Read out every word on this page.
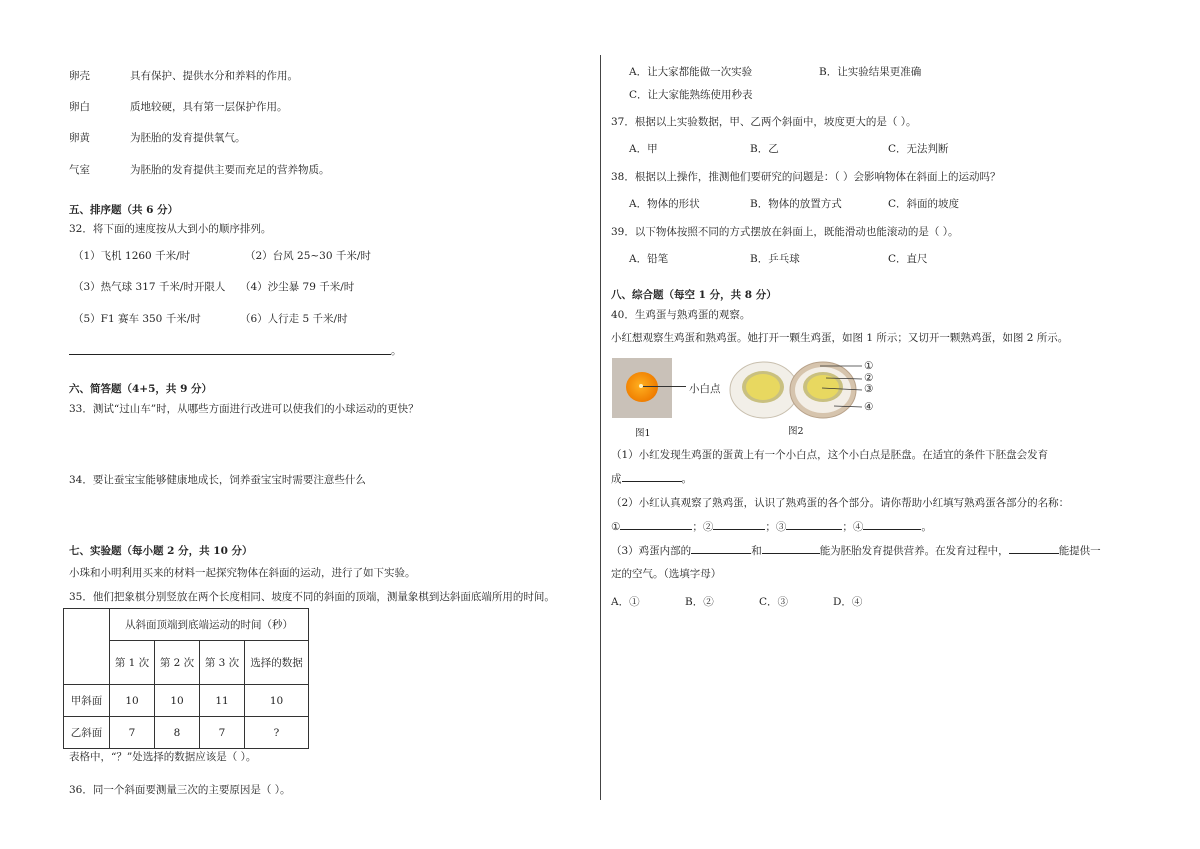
卵壳	具有保护、提供水分和养料的作用。
卵白	质地较硬，具有第一层保护作用。
卵黄	为胚胎的发育提供氧气。
气室	为胚胎的发育提供主要而充足的营养物质。
五、排序题（共 6 分）
32．将下面的速度按从大到小的顺序排列。
（1）飞机 1260 千米/时	（2）台风 25~30 千米/时
（3）热气球 317 千米/时开限人 （4）沙尘暴 79 千米/时
（5）F1 赛车 350 千米/时	（6）人行走 5 千米/时
。
六、简答题（4+5，共 9 分）
33．测试“过山车”时，从哪些方面进行改进可以使我们的小球运动的更快？
34．要让蚕宝宝能够健康地成长，饲养蚕宝宝时需要注意些什么
七、实验题（每小题 2 分，共 10 分）
小珠和小明利用买来的材料一起探究物体在斜面的运动，进行了如下实验。
35．他们把象棋分别竖放在两个长度相同、坡度不同的斜面的顶端，测量象棋到达斜面底端所用的时间。
	从斜面顶端到底端运动的时间（秒）			
	第 1 次	第 2 次	第 3 次	选择的数据
甲斜面	10	10	11	10
乙斜面	7	8	7	?
表格中，“？”处选择的数据应该是（ ）。
36．同一个斜面要测量三次的主要原因是（ ）。
A．让大家都能做一次实验	B．让实验结果更准确
C．让大家能熟练使用秒表
37．根据以上实验数据，甲、乙两个斜面中，坡度更大的是（ ）。
A．甲	B．乙	C．无法判断
38．根据以上操作，推测他们要研究的问题是：（ ）会影响物体在斜面上的运动吗？
A．物体的形状	B．物体的放置方式	C．斜面的坡度
39．以下物体按照不同的方式摆放在斜面上，既能滑动也能滚动的是（ ）。
A．铅笔	B．乒乓球	C．直尺
八、综合题（每空 1 分，共 8 分）
40．生鸡蛋与熟鸡蛋的观察。
小红想观察生鸡蛋和熟鸡蛋。她打开一颗生鸡蛋，如图 1 所示；又切开一颗熟鸡蛋，如图 2 所示。
小白点
图1	图2
①
②
③
④
（1）小红发现生鸡蛋的蛋黄上有一个小白点，这个小白点是胚盘。在适宜的条件下胚盘会发育
成	。
（2）小红认真观察了熟鸡蛋，认识了熟鸡蛋的各个部分。请你帮助小红填写熟鸡蛋各部分的名称：
①	；②	；③	；④	。
（3）鸡蛋内部的	和	能为胚胎发育提供营养。在发育过程中，	能提供一
定的空气。（选填字母）
A．①	B．②	C．③	D．④
